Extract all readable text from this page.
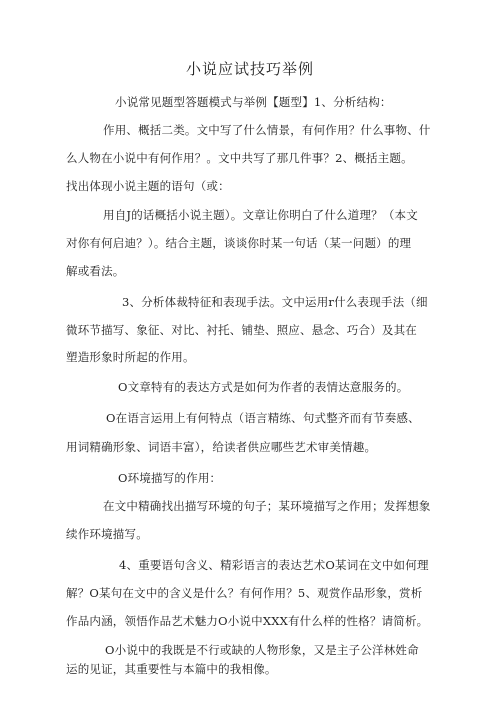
小说应试技巧举例
小说常见题型答题模式与举例【题型】1、分析结构：
作用、概括二类。文中写了什么情景，有何作用？什么事物、什
么人物在小说中有何作用？。文中共写了那几件事？2、概括主题。
找出体现小说主题的语句（或：
用自J的话概括小说主题）。文章让你明白了什么道理？（本文
对你有何启迪？）。结合主题，谈谈你时某一句话（某一问题）的理
解或看法。
3、分析体裁特征和表现手法。文中运用r什么表现手法（细
微环节描写、象征、对比、衬托、铺垫、照应、悬念、巧合）及其在
塑造形象时所起的作用。
O文章特有的表达方式是如何为作者的表情达意服务的。
O在语言运用上有何特点（语言精练、句式整齐而有节奏感、
用词精确形象、词语丰富），给读者供应哪些艺术审美情趣。
O环境描写的作用：
在文中精确找出描写环境的句子；某环境描写之作用；发挥想象
续作环境描写。
4、重要语句含义、精彩语言的表达艺术O某词在文中如何理
解？O某句在文中的含义是什么？有何作用？5、观赏作品形象，赏析
作品内涵，领悟作品艺术魅力O小说中XXX有什么样的性格？请简析。
O小说中的我既是不行或缺的人物形象，又是主子公洋林姓命
运的见证，其重要性与本篇中的我相像。
